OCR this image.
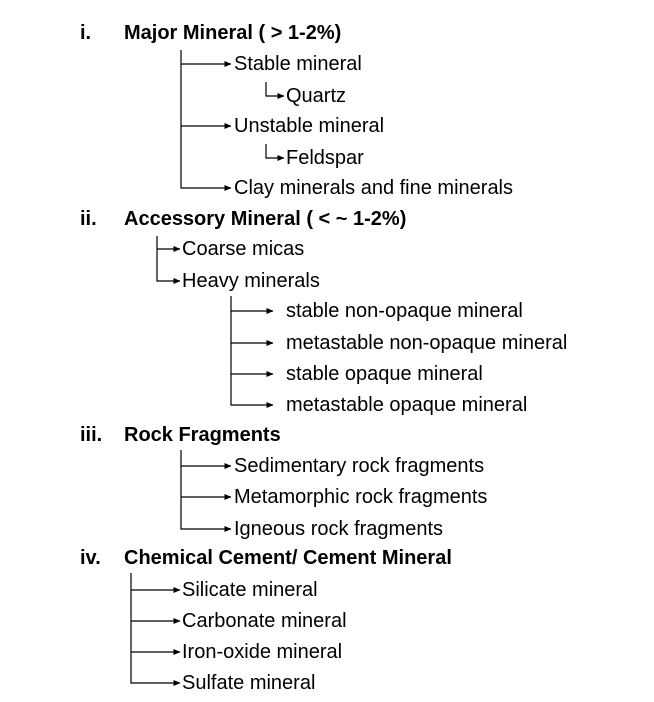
i. Major Mineral ( > 1-2%)
Stable mineral
Quartz
Unstable mineral
Feldspar
Clay minerals and fine minerals
ii. Accessory Mineral ( < ~ 1-2%)
Coarse micas
Heavy minerals
stable non-opaque mineral
metastable non-opaque mineral
stable opaque mineral
metastable opaque mineral
iii. Rock Fragments
Sedimentary rock fragments
Metamorphic rock fragments
Igneous rock fragments
iv. Chemical Cement/ Cement Mineral
Silicate mineral
Carbonate mineral
Iron-oxide mineral
Sulfate mineral
